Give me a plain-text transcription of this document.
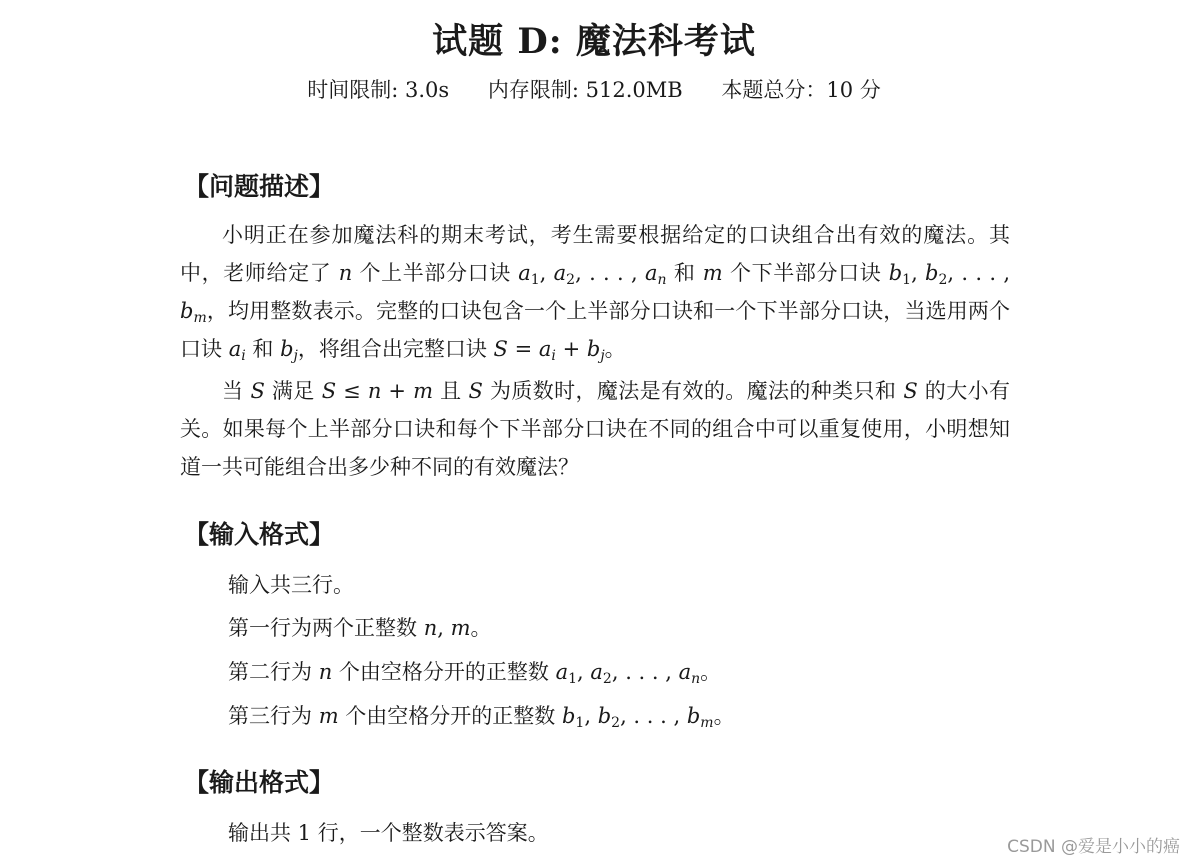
试题 D: 魔法科考试
时间限制: 3.0s 内存限制: 512.0MB 本题总分：10 分
【问题描述】
小明正在参加魔法科的期末考试，考生需要根据给定的口诀组合出有效的魔法。其中，老师给定了 n 个上半部分口诀 $a_1$, $a_2$, . . . , $a_n$ 和 m 个下半部分口诀 $b_1$, $b_2$, . . . , $b_m$，均用整数表示。完整的口诀包含一个上半部分口诀和一个下半部分口诀，当选用两个口诀 $a_i$ 和 $b_j$，将组合出完整口诀 $S = a_i + b_j$。
当 S 满足 S ≤ n + m 且 S 为质数时，魔法是有效的。魔法的种类只和 S 的大小有关。如果每个上半部分口诀和每个下半部分口诀在不同的组合中可以重复使用，小明想知道一共可能组合出多少种不同的有效魔法？
【输入格式】
输入共三行。
第一行为两个正整数 n, m。
第二行为 n 个由空格分开的正整数 $a_1$, $a_2$, . . . , $a_n$。
第三行为 m 个由空格分开的正整数 $b_1$, $b_2$, . . . , $b_m$。
【输出格式】
输出共 1 行，一个整数表示答案。
CSDN @爱是小小的癌
